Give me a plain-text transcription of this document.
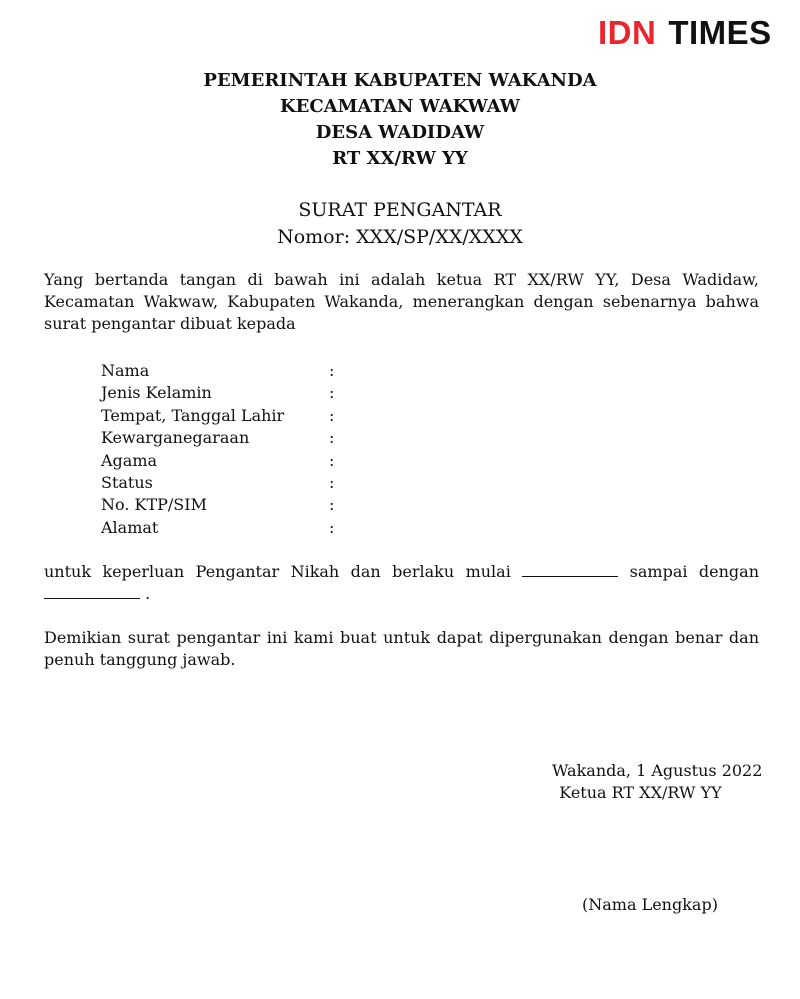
IDN TIMES
PEMERINTAH KABUPATEN WAKANDA
KECAMATAN WAKWAW
DESA WADIDAW
RT XX/RW YY
SURAT PENGANTAR
Nomor: XXX/SP/XX/XXXX
Yang bertanda tangan di bawah ini adalah ketua RT XX/RW YY, Desa Wadidaw, Kecamatan Wakwaw, Kabupaten Wakanda, menerangkan dengan sebenarnya bahwa surat pengantar dibuat kepada
Nama	:
Jenis Kelamin	:
Tempat, Tanggal Lahir	:
Kewarganegaraan	:
Agama	:
Status	:
No. KTP/SIM	:
Alamat	:
untuk keperluan Pengantar Nikah dan berlaku mulai	sampai dengan  .
Demikian surat pengantar ini kami buat untuk dapat dipergunakan dengan benar dan penuh tanggung jawab.
Wakanda, 1 Agustus 2022
Ketua RT XX/RW YY
(Nama Lengkap)
